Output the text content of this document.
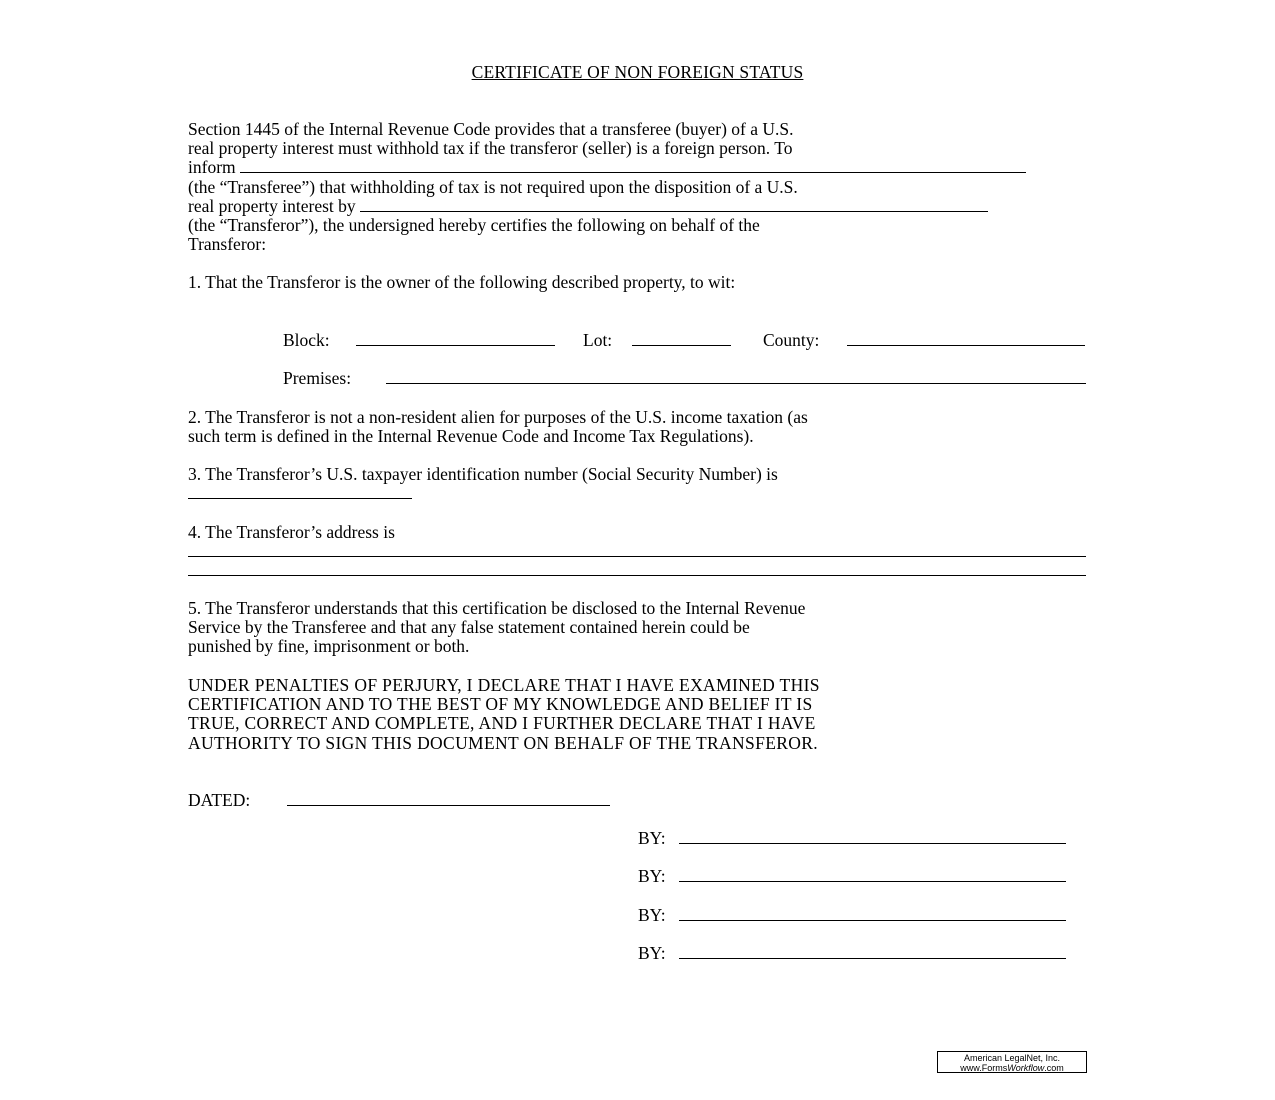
CERTIFICATE OF NON FOREIGN STATUS
Section 1445 of the Internal Revenue Code provides that a transferee (buyer) of a U.S.
real property interest must withhold tax if the transferor (seller) is a foreign person. To
inform
(the “Transferee”) that withholding of tax is not required upon the disposition of a U.S.
real property interest by
(the “Transferor”), the undersigned hereby certifies the following on behalf of the
Transferor:
1. That the Transferor is the owner of the following described property, to wit:
Block:	Lot:	County:
Premises:
2. The Transferor is not a non-resident alien for purposes of the U.S. income taxation (as
such term is defined in the Internal Revenue Code and Income Tax Regulations).
3. The Transferor’s U.S. taxpayer identification number (Social Security Number) is
4. The Transferor’s address is
5. The Transferor understands that this certification be disclosed to the Internal Revenue
Service by the Transferee and that any false statement contained herein could be
punished by fine, imprisonment or both.
UNDER PENALTIES OF PERJURY, I DECLARE THAT I HAVE EXAMINED THIS
CERTIFICATION AND TO THE BEST OF MY KNOWLEDGE AND BELIEF IT IS
TRUE, CORRECT AND COMPLETE, AND I FURTHER DECLARE THAT I HAVE
AUTHORITY TO SIGN THIS DOCUMENT ON BEHALF OF THE TRANSFEROR.
DATED:
BY:
BY:
BY:
BY:
American LegalNet, Inc.
www.FormsWorkflow.com
